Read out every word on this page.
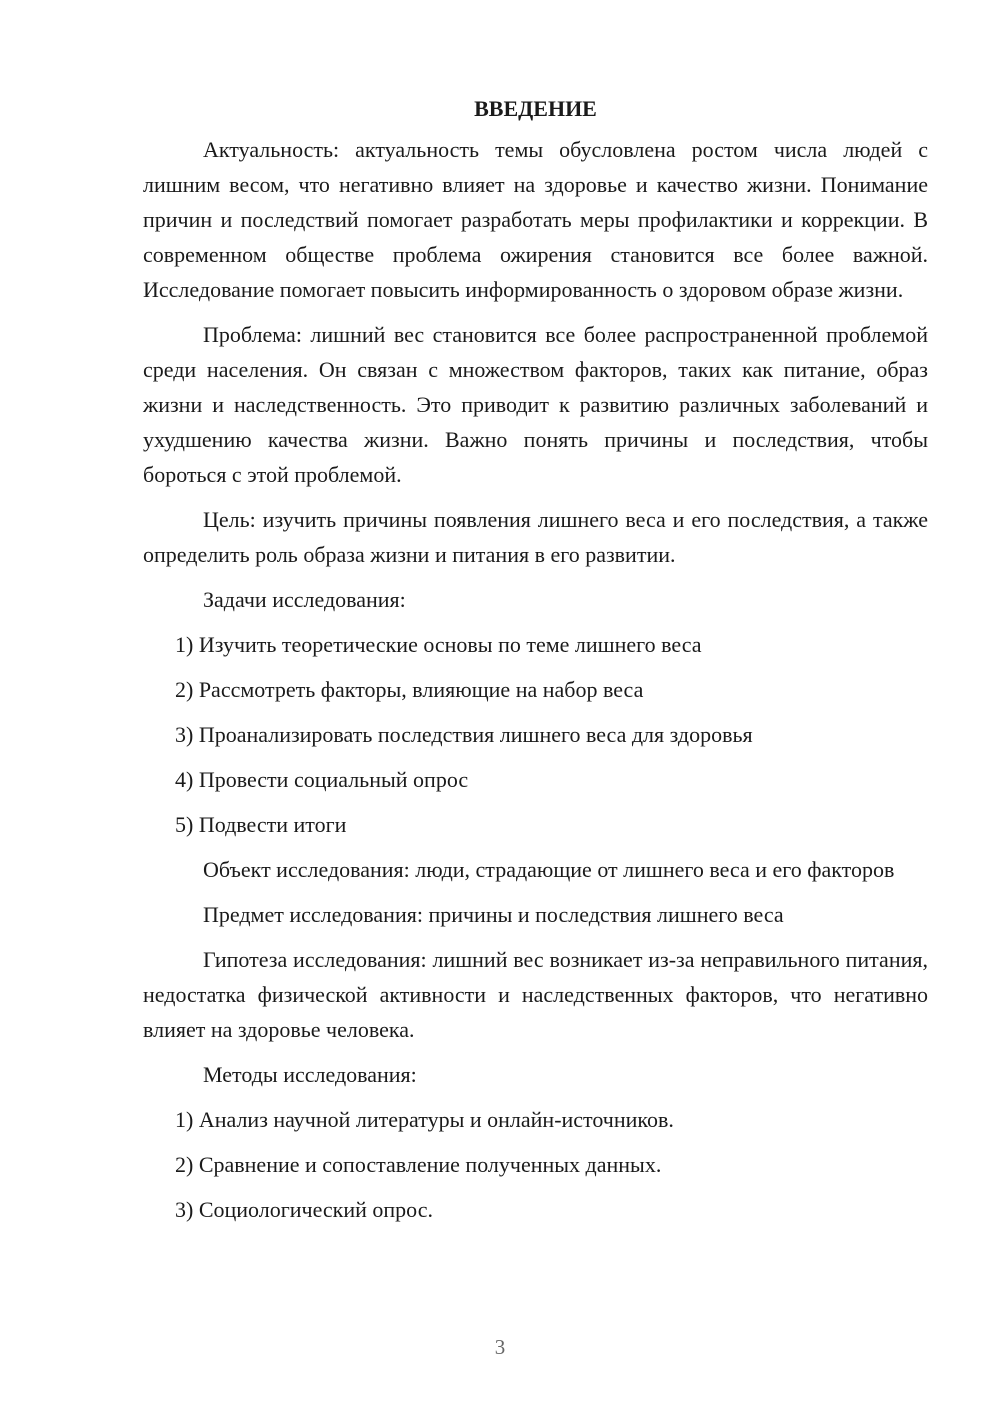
ВВЕДЕНИЕ

Актуальность: актуальность темы обусловлена ростом числа людей с лишним весом, что негативно влияет на здоровье и качество жизни. Понимание причин и последствий помогает разработать меры профилактики и коррекции. В современном обществе проблема ожирения становится все более важной. Исследование помогает повысить информированность о здоровом образе жизни.

Проблема: лишний вес становится все более распространенной проблемой среди населения. Он связан с множеством факторов, таких как питание, образ жизни и наследственность. Это приводит к развитию различных заболеваний и ухудшению качества жизни. Важно понять причины и последствия, чтобы бороться с этой проблемой.

Цель: изучить причины появления лишнего веса и его последствия, а также определить роль образа жизни и питания в его развитии.

Задачи исследования:

1) Изучить теоретические основы по теме лишнего веса
2) Рассмотреть факторы, влияющие на набор веса
3) Проанализировать последствия лишнего веса для здоровья
4) Провести социальный опрос
5) Подвести итоги

Объект исследования: люди, страдающие от лишнего веса и его факторов

Предмет исследования: причины и последствия лишнего веса

Гипотеза исследования: лишний вес возникает из-за неправильного питания, недостатка физической активности и наследственных факторов, что негативно влияет на здоровье человека.

Методы исследования:

1) Анализ научной литературы и онлайн-источников.
2) Сравнение и сопоставление полученных данных.
3) Социологический опрос.
3
